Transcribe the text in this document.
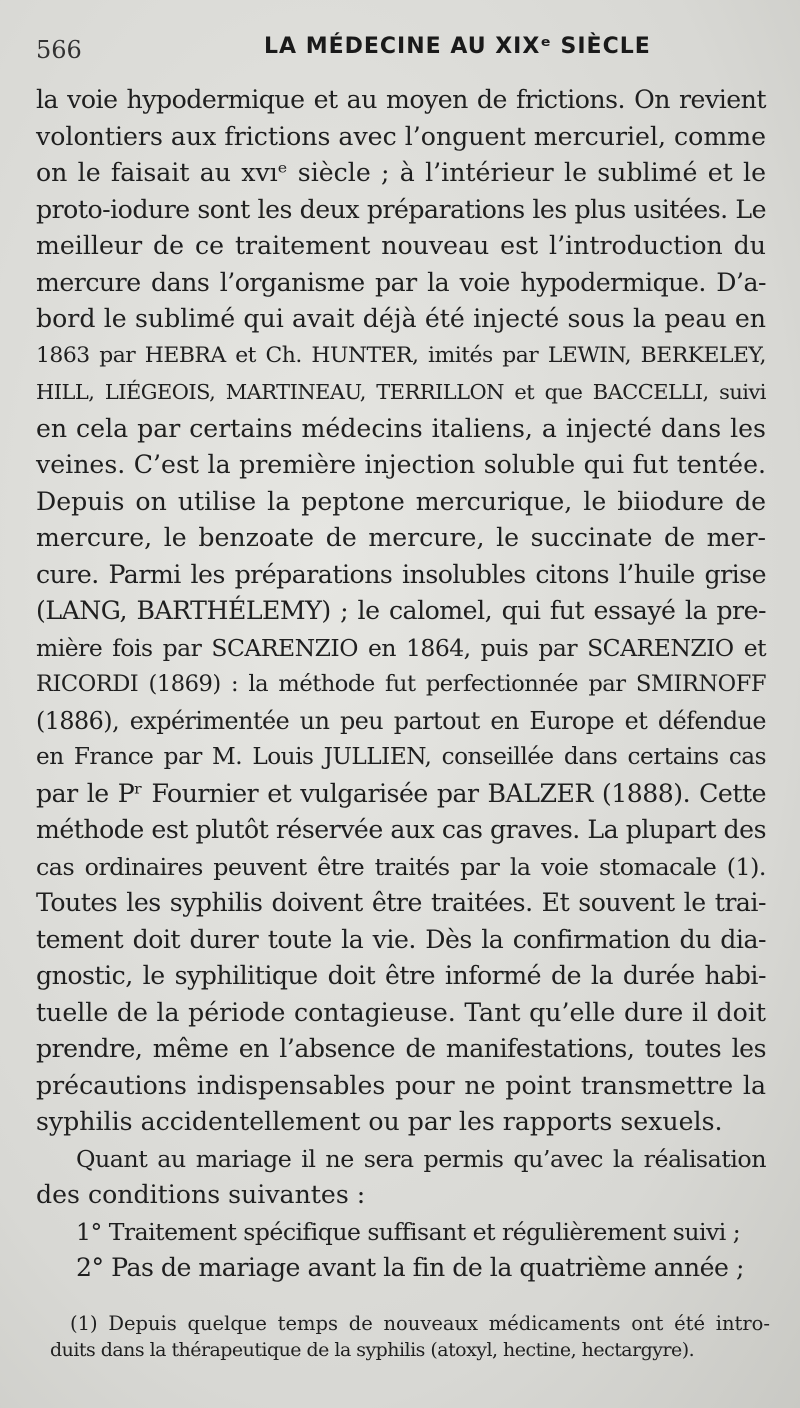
566	LA MÉDECINE AU XIXᵉ SIÈCLE
la voie hypodermique et au moyen de frictions. On revient
volontiers aux frictions avec l’onguent mercuriel, comme
on le faisait au xvıᵉ siècle ; à l’intérieur le sublimé et le
proto-iodure sont les deux préparations les plus usitées. Le
meilleur de ce traitement nouveau est l’introduction du
mercure dans l’organisme par la voie hypodermique. D’a-
bord le sublimé qui avait déjà été injecté sous la peau en
1863 par HEBRA et Ch. HUNTER, imités par LEWIN, BERKELEY,
HILL, LIÉGEOIS, MARTINEAU, TERRILLON et que BACCELLI, suivi
en cela par certains médecins italiens, a injecté dans les
veines. C’est la première injection soluble qui fut tentée.
Depuis on utilise la peptone mercurique, le biiodure de
mercure, le benzoate de mercure, le succinate de mer-
cure. Parmi les préparations insolubles citons l’huile grise
(LANG, BARTHÉLEMY) ; le calomel, qui fut essayé la pre-
mière fois par SCARENZIO en 1864, puis par SCARENZIO et
RICORDI (1869) : la méthode fut perfectionnée par SMIRNOFF
(1886), expérimentée un peu partout en Europe et défendue
en France par M. Louis JULLIEN, conseillée dans certains cas
par le Pʳ Fournier et vulgarisée par BALZER (1888). Cette
méthode est plutôt réservée aux cas graves. La plupart des
cas ordinaires peuvent être traités par la voie stomacale (1).
Toutes les syphilis doivent être traitées. Et souvent le trai-
tement doit durer toute la vie. Dès la confirmation du dia-
gnostic, le syphilitique doit être informé de la durée habi-
tuelle de la période contagieuse. Tant qu’elle dure il doit
prendre, même en l’absence de manifestations, toutes les
précautions indispensables pour ne point transmettre la
syphilis accidentellement ou par les rapports sexuels.
Quant au mariage il ne sera permis qu’avec la réalisation
des conditions suivantes :
1° Traitement spécifique suffisant et régulièrement suivi ;
2° Pas de mariage avant la fin de la quatrième année ;
(1) Depuis quelque temps de nouveaux médicaments ont été intro-
duits dans la thérapeutique de la syphilis (atoxyl, hectine, hectargyre).
